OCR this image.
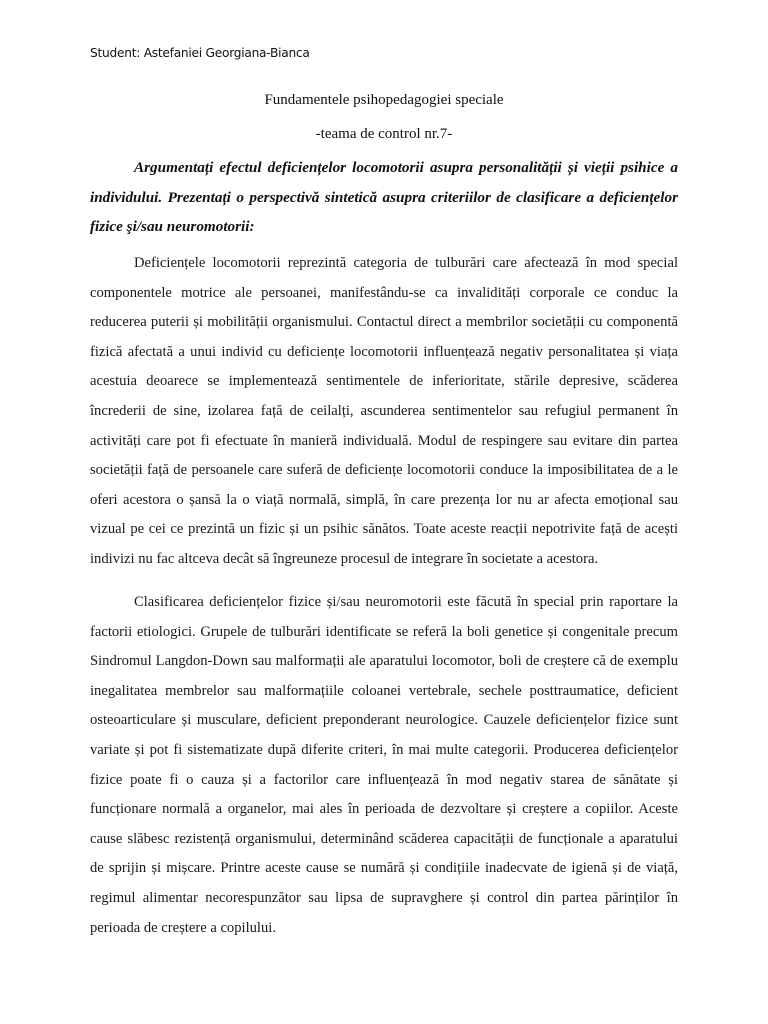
Student: Astefaniei Georgiana-Bianca
Fundamentele psihopedagogiei speciale
-teama de control nr.7-

Argumentați efectul deficiențelor locomotorii asupra personalității și vieții psihice a individului. Prezentați o perspectivă sintetică asupra criteriilor de clasificare a deficiențelor fizice şi/sau neuromotorii:

Deficiențele locomotorii reprezintă categoria de tulburări care afectează în mod special componentele motrice ale persoanei, manifestându-se ca invalidități corporale ce conduc la reducerea puterii și mobilității organismului. Contactul direct a membrilor societății cu componentă fizică afectată a unui individ cu deficiențe locomotorii influențează negativ personalitatea și viața acestuia deoarece se implementează sentimentele de inferioritate, stările depresive, scăderea încrederii de sine, izolarea față de ceilalți, ascunderea sentimentelor sau refugiul permanent în activități care pot fi efectuate în manieră individuală. Modul de respingere sau evitare din partea societății față de persoanele care suferă de deficiențe locomotorii conduce la imposibilitatea de a le oferi acestora o șansă la o viață normală, simplă, în care prezența lor nu ar afecta emoțional sau vizual pe cei ce prezintă un fizic și un psihic sănătos. Toate aceste reacții nepotrivite față de acești indivizi nu fac altceva decât să îngreuneze procesul de integrare în societate a acestora.

Clasificarea deficiențelor fizice și/sau neuromotorii este făcută în special prin raportare la factorii etiologici. Grupele de tulburări identificate se referă la boli genetice și congenitale precum Sindromul Langdon-Down sau malformații ale aparatului locomotor, boli de creștere că de exemplu inegalitatea membrelor sau malformațiile coloanei vertebrale, sechele posttraumatice, deficient osteoarticulare și musculare, deficient preponderant neurologice. Cauzele deficiențelor fizice sunt variate și pot fi sistematizate după diferite criteri, în mai multe categorii. Producerea deficiențelor fizice poate fi o cauza și a factorilor care influențează în mod negativ starea de sănătate și funcționare normală a organelor, mai ales în perioada de dezvoltare și creștere a copiilor. Aceste cause slăbesc rezistență organismului, determinând scăderea capacității de funcționale a aparatului de sprijin și mișcare. Printre aceste cause se numără și condițiile inadecvate de igienă și de viață, regimul alimentar necorespunzător sau lipsa de supravghere și control din partea părinților în perioada de creștere a copilului.
